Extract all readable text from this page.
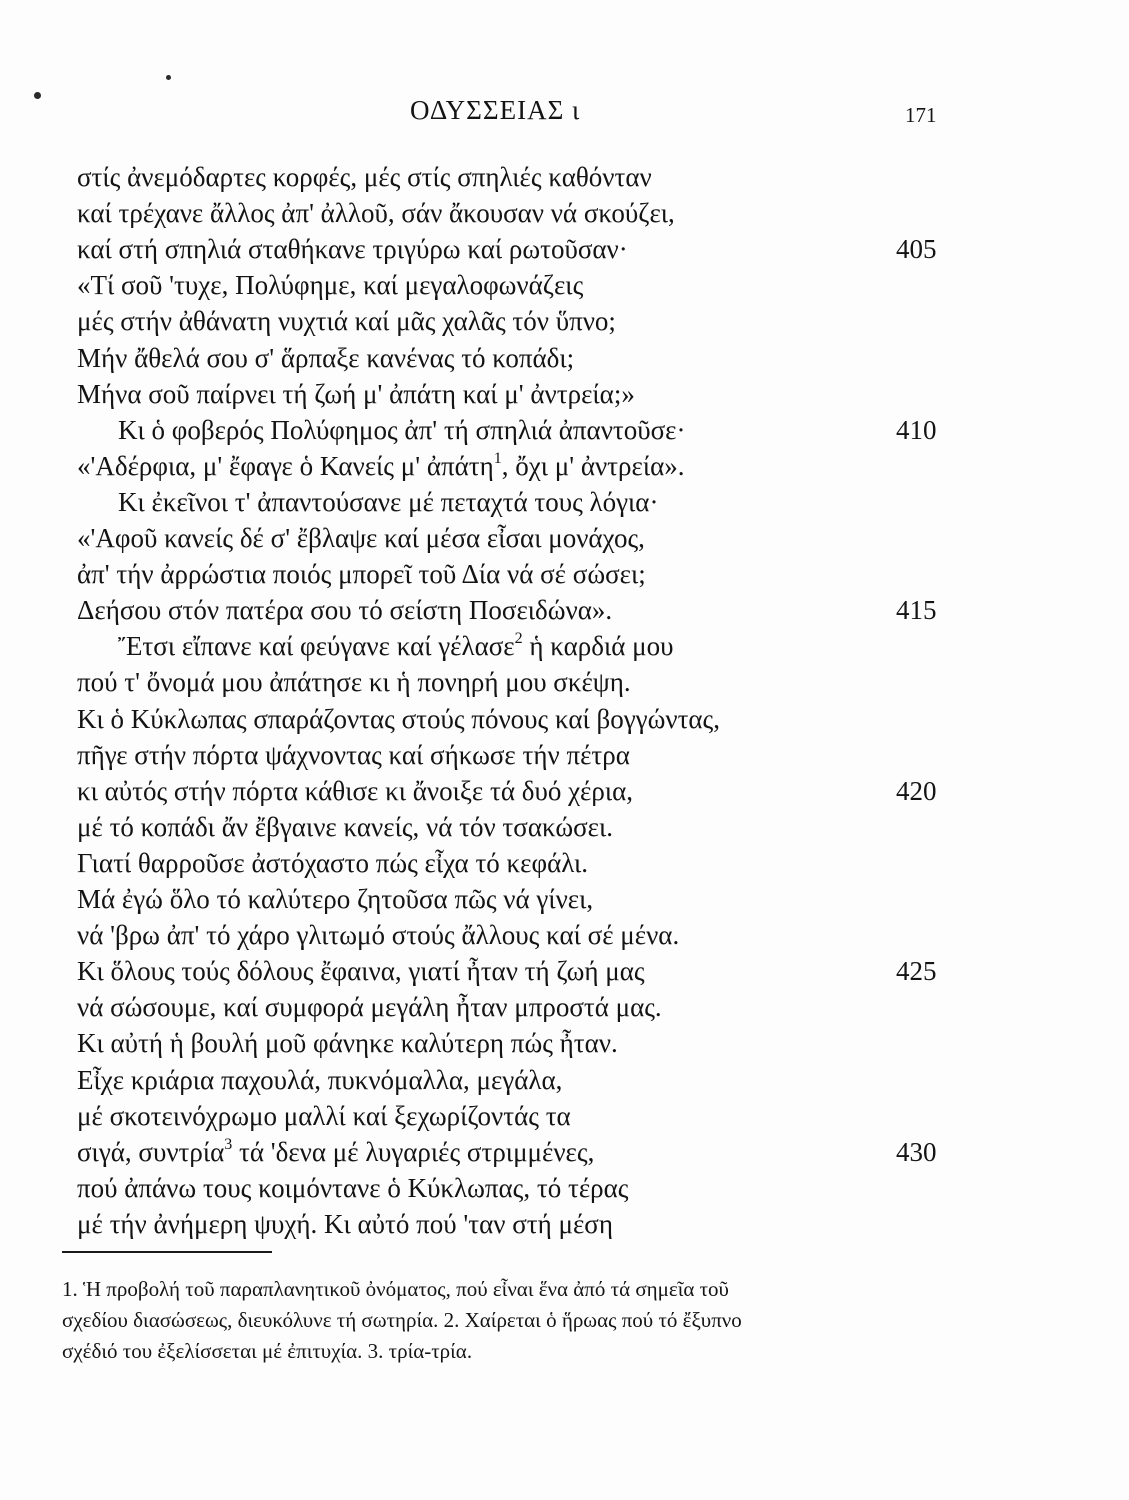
ΟΔΥΣΣΕΙΑΣ ι	171
στίς ἀνεμόδαρτες κορφές, μές στίς σπηλιές καθόνταν
καί τρέχανε ἄλλος ἀπ' ἀλλοῦ, σάν ἄκουσαν νά σκούζει,
καί στή σπηλιά σταθήκανε τριγύρω καί ρωτοῦσαν·	405
«Τί σοῦ 'τυχε, Πολύφημε, καί μεγαλοφωνάζεις
μές στήν ἀθάνατη νυχτιά καί μᾶς χαλᾶς τόν ὕπνο;
Μήν ἄθελά σου σ' ἅρπαξε κανένας τό κοπάδι;
Μήνα σοῦ παίρνει τή ζωή μ' ἀπάτη καί μ' ἀντρεία;»
Κι ὁ φοβερός Πολύφημος ἀπ' τή σπηλιά ἀπαντοῦσε·	410
«'Αδέρφια, μ' ἔφαγε ὁ Κανείς μ' ἀπάτη$^1$, ὄχι μ' ἀντρεία».
Κι ἐκεῖνοι τ' ἀπαντούσανε μέ πεταχτά τους λόγια·
«'Αφοῦ κανείς δέ σ' ἔβλαψε καί μέσα εἶσαι μονάχος,
ἀπ' τήν ἀρρώστια ποιός μπορεῖ τοῦ Δία νά σέ σώσει;
Δεήσου στόν πατέρα σου τό σείστη Ποσειδώνα».	415
Ἔτσι εἴπανε καί φεύγανε καί γέλασε$^2$ ἡ καρδιά μου
πού τ' ὄνομά μου ἀπάτησε κι ἡ πονηρή μου σκέψη.
Κι ὁ Κύκλωπας σπαράζοντας στούς πόνους καί βογγώντας,
πῆγε στήν πόρτα ψάχνοντας καί σήκωσε τήν πέτρα
κι αὐτός στήν πόρτα κάθισε κι ἄνοιξε τά δυό χέρια,	420
μέ τό κοπάδι ἄν ἔβγαινε κανείς, νά τόν τσακώσει.
Γιατί θαρροῦσε ἀστόχαστο πώς εἶχα τό κεφάλι.
Μά ἐγώ ὅλο τό καλύτερο ζητοῦσα πῶς νά γίνει,
νά 'βρω ἀπ' τό χάρο γλιτωμό στούς ἄλλους καί σέ μένα.
Κι ὅλους τούς δόλους ἔφαινα, γιατί ἦταν τή ζωή μας	425
νά σώσουμε, καί συμφορά μεγάλη ἦταν μπροστά μας.
Κι αὐτή ἡ βουλή μοῦ φάνηκε καλύτερη πώς ἦταν.
Εἶχε κριάρια παχουλά, πυκνόμαλλα, μεγάλα,
μέ σκοτεινόχρωμο μαλλί καί ξεχωρίζοντάς τα
σιγά, συντρία$^3$ τά 'δενα μέ λυγαριές στριμμένες,	430
πού ἀπάνω τους κοιμόντανε ὁ Κύκλωπας, τό τέρας
μέ τήν ἀνήμερη ψυχή. Κι αὐτό πού 'ταν στή μέση
1. Ἡ προβολή τοῦ παραπλανητικοῦ ὀνόματος, πού εἶναι ἕνα ἀπό τά σημεῖα τοῦ
σχεδίου διασώσεως, διευκόλυνε τή σωτηρία. 2. Χαίρεται ὁ ἥρωας πού τό ἔξυπνο
σχέδιό του ἐξελίσσεται μέ ἐπιτυχία. 3. τρία-τρία.
